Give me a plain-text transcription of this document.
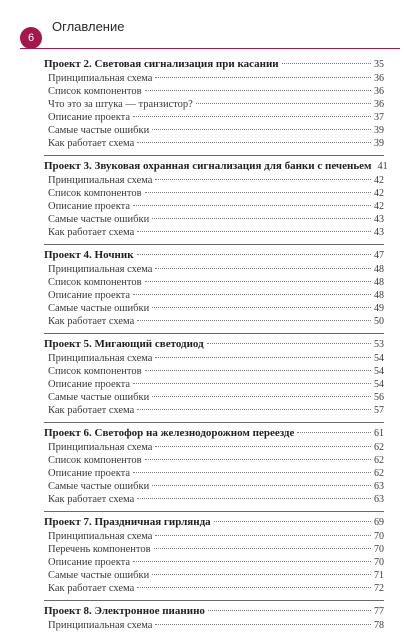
6
Оглавление
Проект 2. Световая сигнализация при касании	35
Принципиальная схема	36
Список компонентов	36
Что это за штука — транзистор?	36
Описание проекта	37
Самые частые ошибки	39
Как работает схема	39
Проект 3. Звуковая охранная сигнализация для банки с печеньем 41
Принципиальная схема	42
Список компонентов	42
Описание проекта	42
Самые частые ошибки	43
Как работает схема	43
Проект 4. Ночник	47
Принципиальная схема	48
Список компонентов	48
Описание проекта	48
Самые частые ошибки	49
Как работает схема	50
Проект 5. Мигающий светодиод	53
Принципиальная схема	54
Список компонентов	54
Описание проекта	54
Самые частые ошибки	56
Как работает схема	57
Проект 6. Светофор на железнодорожном переезде	61
Принципиальная схема	62
Список компонентов	62
Описание проекта	62
Самые частые ошибки	63
Как работает схема	63
Проект 7. Праздничная гирлянда	69
Принципиальная схема	70
Перечень компонентов	70
Описание проекта	70
Самые частые ошибки	71
Как работает схема	72
Проект 8. Электронное пианино	77
Принципиальная схема	78
